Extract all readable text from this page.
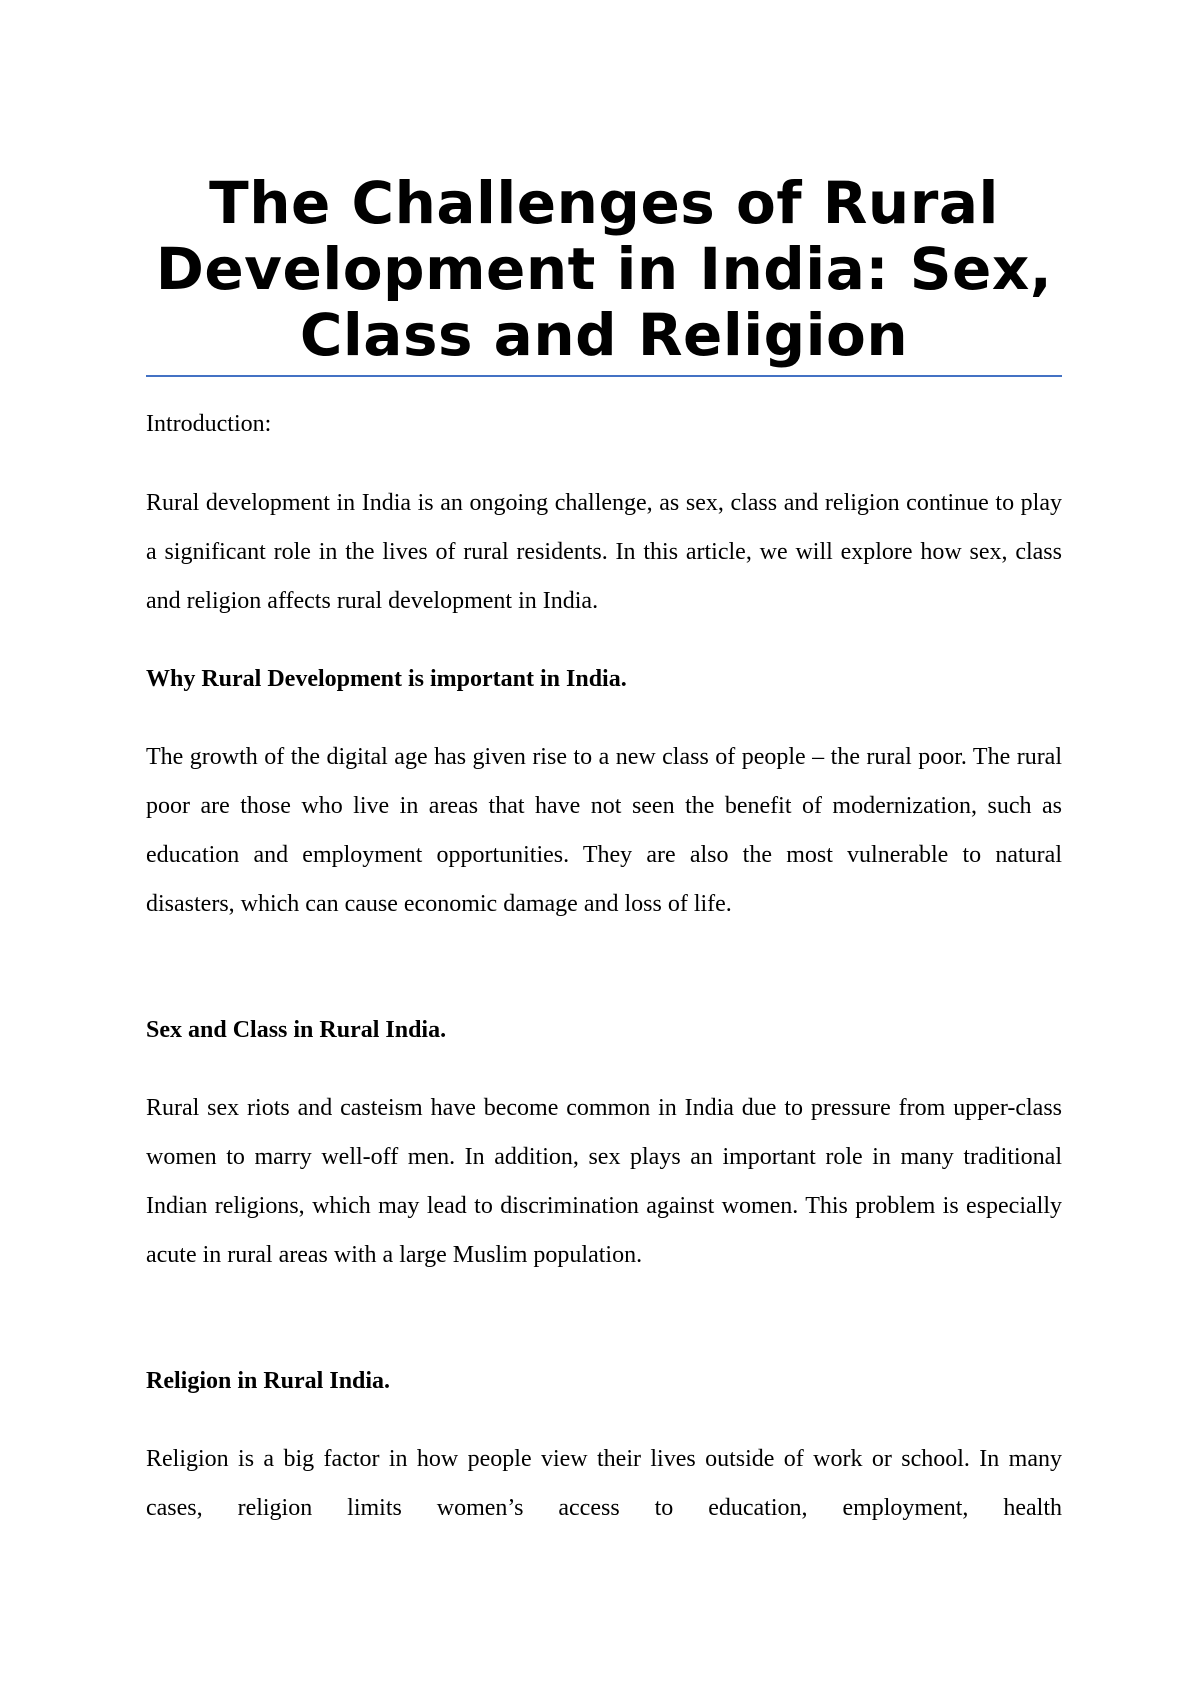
The Challenges of Rural Development in India: Sex, Class and Religion

Introduction:

Rural development in India is an ongoing challenge, as sex, class and religion continue to play a significant role in the lives of rural residents. In this article, we will explore how sex, class and religion affects rural development in India.

Why Rural Development is important in India.

The growth of the digital age has given rise to a new class of people – the rural poor. The rural poor are those who live in areas that have not seen the benefit of modernization, such as education and employment opportunities. They are also the most vulnerable to natural disasters, which can cause economic damage and loss of life.

Sex and Class in Rural India.

Rural sex riots and casteism have become common in India due to pressure from upper-class women to marry well-off men. In addition, sex plays an important role in many traditional Indian religions, which may lead to discrimination against women. This problem is especially acute in rural areas with a large Muslim population.

Religion in Rural India.

Religion is a big factor in how people view their lives outside of work or school. In many cases, religion limits women’s access to education, employment, health
